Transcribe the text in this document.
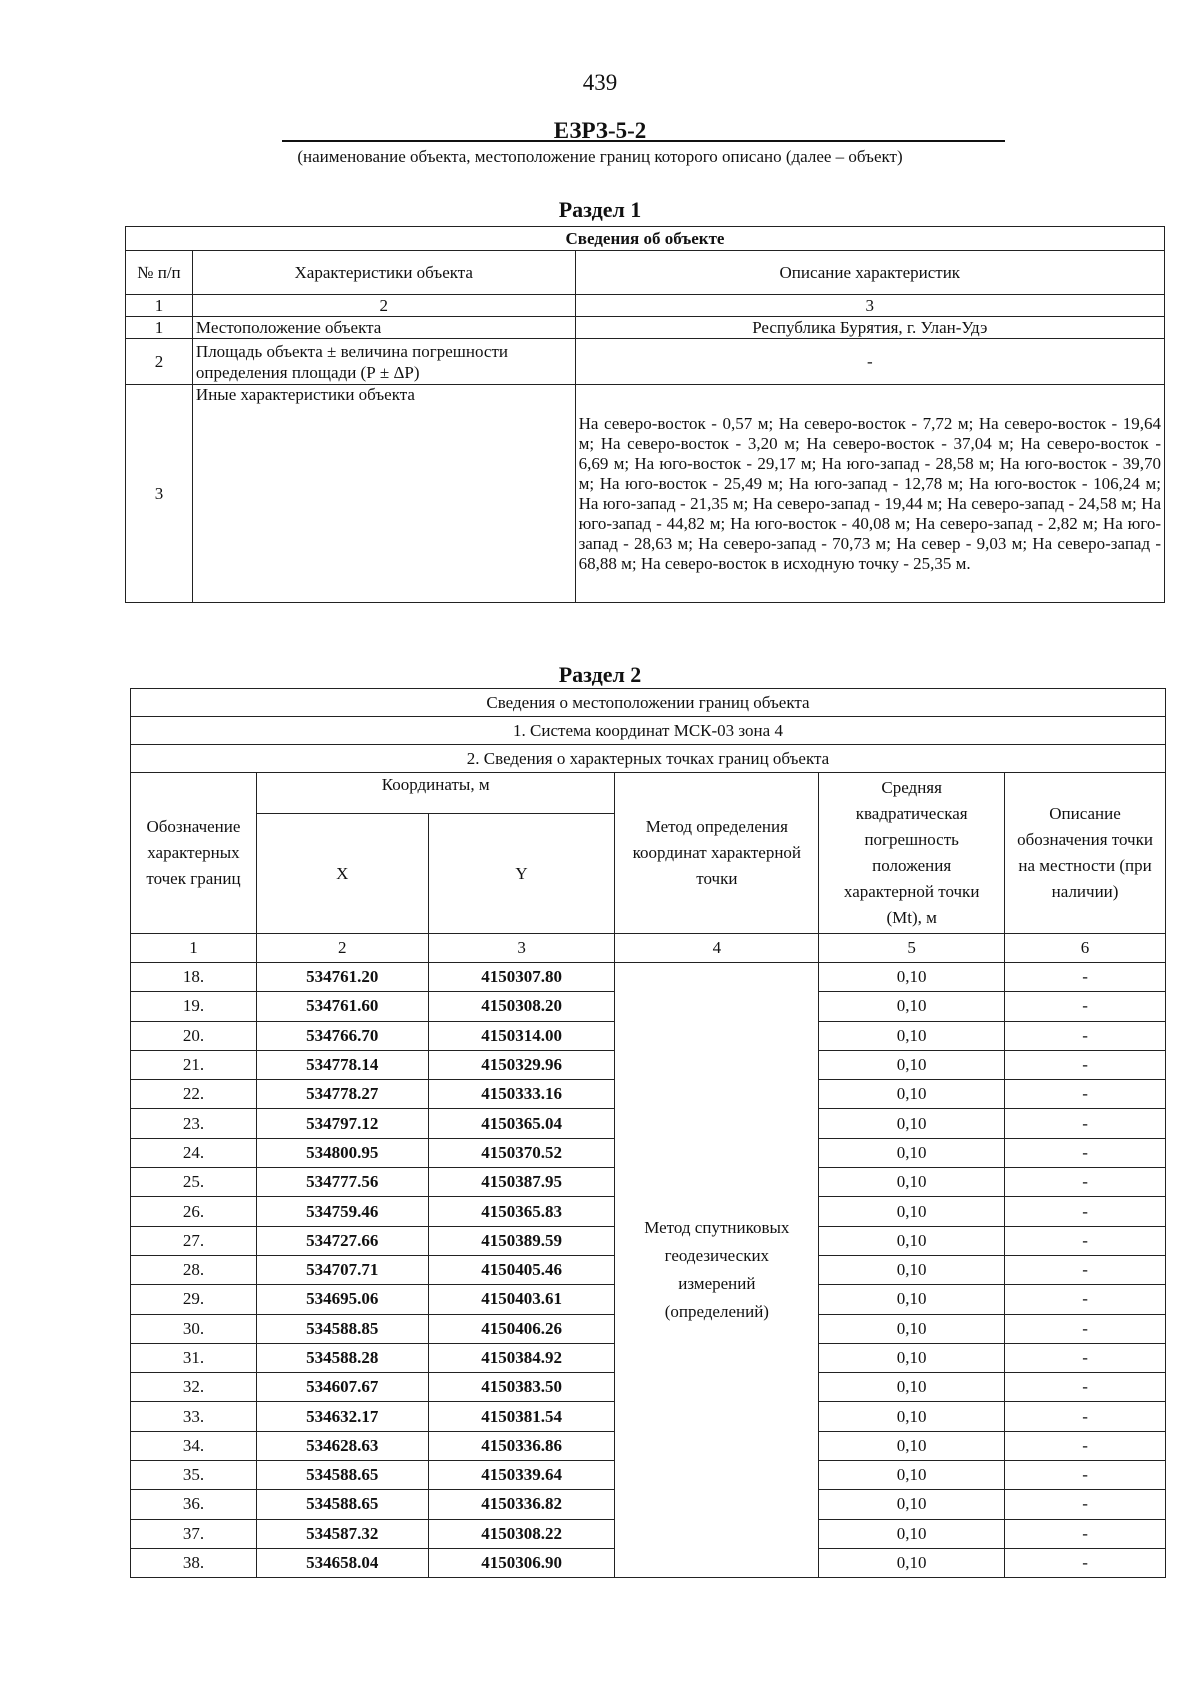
439
ЕЗРЗ-5-2
(наименование объекта, местоположение границ которого описано (далее – объект)
Раздел 1
Сведения об объекте		
№ п/п	Характеристики объекта	Описание характеристик
1	2	3
1	Местоположение объекта	Республика Бурятия, г. Улан-Удэ
2	Площадь объекта ± величина погрешности определения площади (Р ± ΔР)	-
3	Иные характеристики объекта	На северо-восток - 0,57 м; На северо-восток - 7,72 м; На северо-восток - 19,64 м; На северо-восток - 3,20 м; На северо-восток - 37,04 м; На северо-восток - 6,69 м; На юго-восток - 29,17 м; На юго-запад - 28,58 м; На юго-восток - 39,70 м; На юго-восток - 25,49 м; На юго-запад - 12,78 м; На юго-восток - 106,24 м; На юго-запад - 21,35 м; На северо-запад - 19,44 м; На северо-запад - 24,58 м; На юго-запад - 44,82 м; На юго-восток - 40,08 м; На северо-запад - 2,82 м; На юго-запад - 28,63 м; На северо-запад - 70,73 м; На север - 9,03 м; На северо-запад - 68,88 м; На северо-восток в исходную точку - 25,35 м.
Раздел 2
Сведения о местоположении границ объекта					
1. Система координат МСК-03 зона 4					
2. Сведения о характерных точках границ объекта					
Обозначение характерных точек границ	Координаты, м		Метод определения координат характерной точки	Средняя квадратическая погрешность положения характерной точки (Mt), м	Описание обозначения точки на местности (при наличии)
	X	Y			
1	2	3	4	5	6
18.	534761.20	4150307.80	Метод спутниковых геодезических измерений (определений)	0,10	-
19.	534761.60	4150308.20		0,10	-
20.	534766.70	4150314.00		0,10	-
21.	534778.14	4150329.96		0,10	-
22.	534778.27	4150333.16		0,10	-
23.	534797.12	4150365.04		0,10	-
24.	534800.95	4150370.52		0,10	-
25.	534777.56	4150387.95		0,10	-
26.	534759.46	4150365.83		0,10	-
27.	534727.66	4150389.59		0,10	-
28.	534707.71	4150405.46		0,10	-
29.	534695.06	4150403.61		0,10	-
30.	534588.85	4150406.26		0,10	-
31.	534588.28	4150384.92		0,10	-
32.	534607.67	4150383.50		0,10	-
33.	534632.17	4150381.54		0,10	-
34.	534628.63	4150336.86		0,10	-
35.	534588.65	4150339.64		0,10	-
36.	534588.65	4150336.82		0,10	-
37.	534587.32	4150308.22		0,10	-
38.	534658.04	4150306.90		0,10	-
